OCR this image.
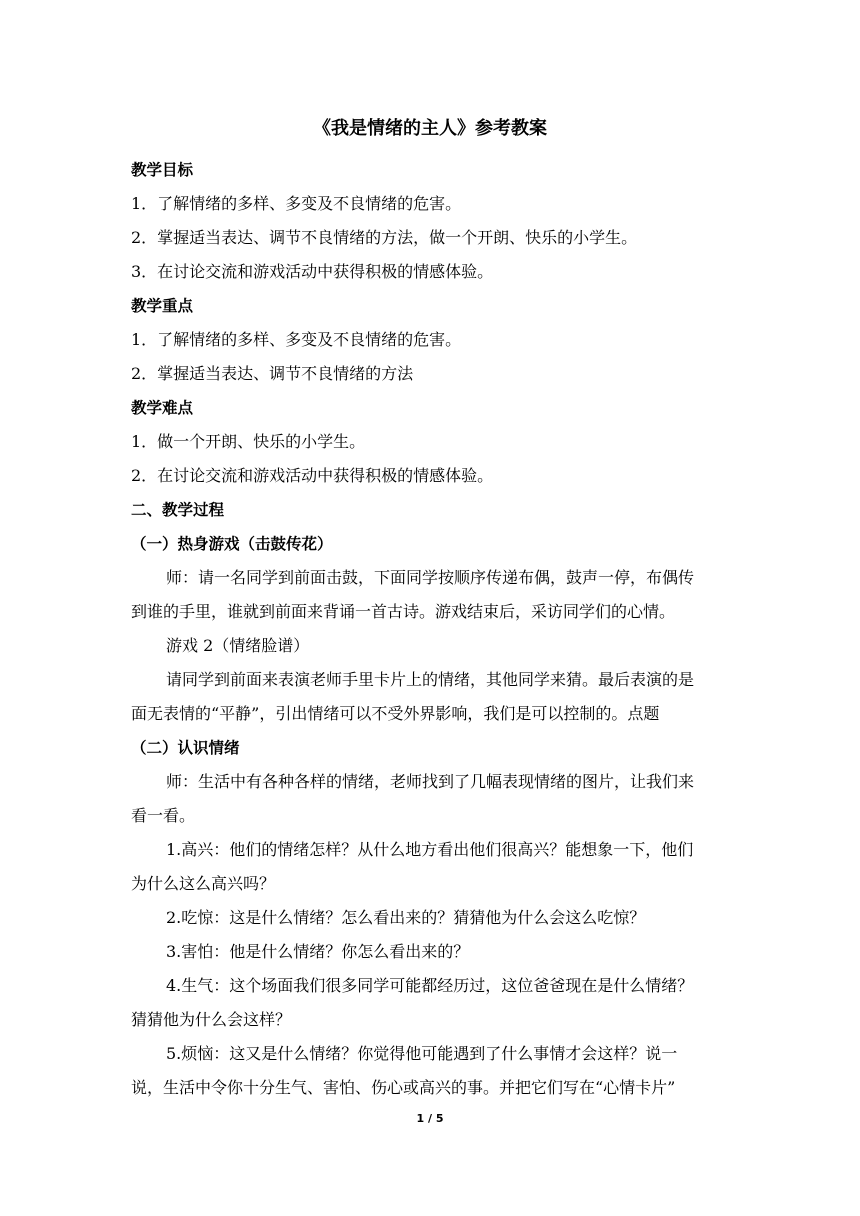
《我是情绪的主人》参考教案
教学目标
1．了解情绪的多样、多变及不良情绪的危害。
2．掌握适当表达、调节不良情绪的方法，做一个开朗、快乐的小学生。
3．在讨论交流和游戏活动中获得积极的情感体验。
教学重点
1．了解情绪的多样、多变及不良情绪的危害。
2．掌握适当表达、调节不良情绪的方法
教学难点
1．做一个开朗、快乐的小学生。
2．在讨论交流和游戏活动中获得积极的情感体验。
二、教学过程
（一）热身游戏（击鼓传花）
师：请一名同学到前面击鼓，下面同学按顺序传递布偶，鼓声一停，布偶传
到谁的手里，谁就到前面来背诵一首古诗。游戏结束后，采访同学们的心情。
游戏 2（情绪脸谱）
请同学到前面来表演老师手里卡片上的情绪，其他同学来猜。最后表演的是
面无表情的“平静”，引出情绪可以不受外界影响，我们是可以控制的。点题
（二）认识情绪
师：生活中有各种各样的情绪，老师找到了几幅表现情绪的图片，让我们来
看一看。
1.高兴：他们的情绪怎样？从什么地方看出他们很高兴？能想象一下，他们
为什么这么高兴吗？
2.吃惊：这是什么情绪？怎么看出来的？猜猜他为什么会这么吃惊？
3.害怕：他是什么情绪？你怎么看出来的？
4.生气：这个场面我们很多同学可能都经历过，这位爸爸现在是什么情绪？
猜猜他为什么会这样？
5.烦恼：这又是什么情绪？你觉得他可能遇到了什么事情才会这样？说一
说，生活中令你十分生气、害怕、伤心或高兴的事。并把它们写在“心情卡片”
1 / 5
